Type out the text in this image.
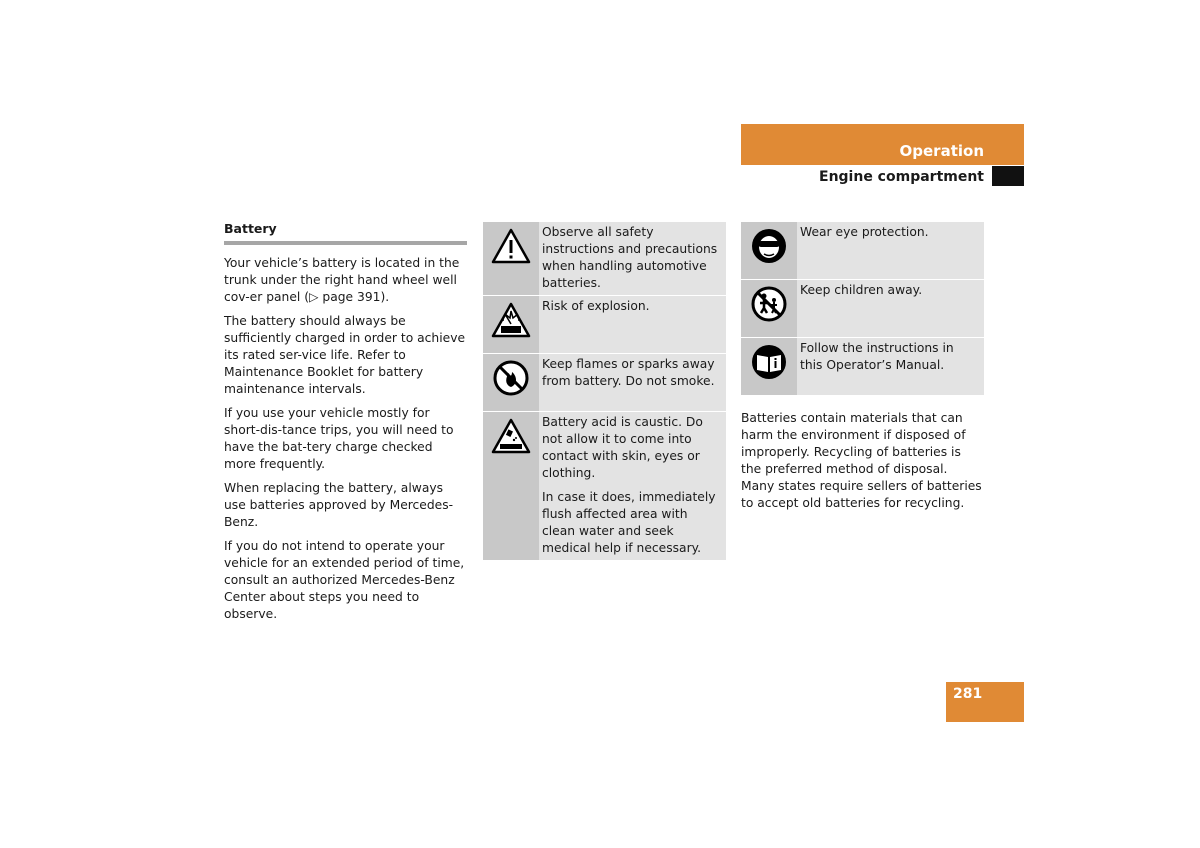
Operation
Engine compartment
Battery

Your vehicle’s battery is located in the trunk under the right hand wheel well cov-er panel (▷ page 391).

The battery should always be sufficiently charged in order to achieve its rated ser-vice life. Refer to Maintenance Booklet for battery maintenance intervals.

If you use your vehicle mostly for short-dis-tance trips, you will need to have the bat-tery charge checked more frequently.

When replacing the battery, always use batteries approved by Mercedes-Benz.

If you do not intend to operate your vehicle for an extended period of time, consult an authorized Mercedes-Benz Center about steps you need to observe.

Observe all safety instructions and precautions when handling automotive batteries.

Risk of explosion.

Keep flames or sparks away from battery. Do not smoke.

Battery acid is caustic. Do not allow it to come into contact with skin, eyes or clothing.

In case it does, immediately flush affected area with clean water and seek medical help if necessary.

Wear eye protection.

Keep children away.

Follow the instructions in this Operator’s Manual.

Batteries contain materials that can harm the environment if disposed of improperly. Recycling of batteries is the preferred method of disposal. Many states require sellers of batteries to accept old batteries for recycling.

281
